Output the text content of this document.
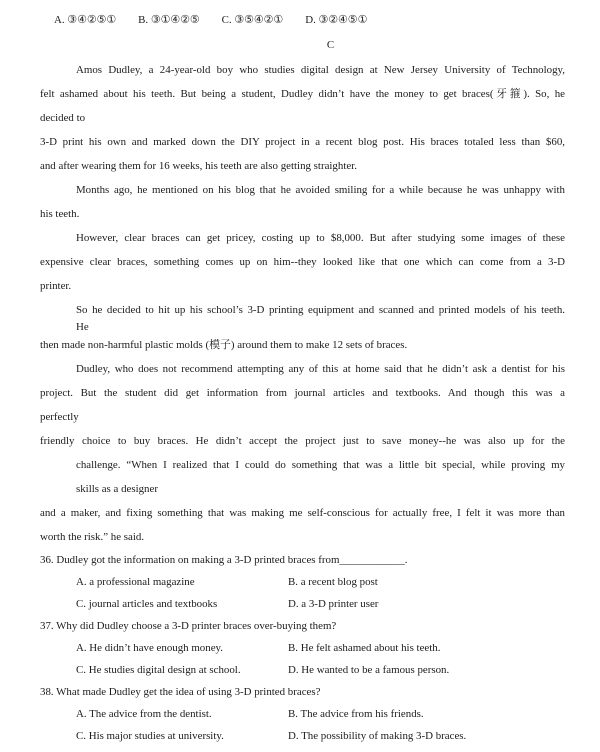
A. ③④②⑤① B. ③①④②⑤ C. ③⑤④②① D. ③②④⑤①
C
Amos Dudley, a 24-year-old boy who studies digital design at New Jersey University of Technology,
felt ashamed about his teeth. But being a student, Dudley didn’t have the money to get braces(牙箍). So, he
decided to
3-D print his own and marked down the DIY project in a recent blog post. His braces totaled less than $60,
and after wearing them for 16 weeks, his teeth are also getting straighter.
Months ago, he mentioned on his blog that he avoided smiling for a while because he was unhappy with
his teeth.
However, clear braces can get pricey, costing up to $8,000. But after studying some images of these
expensive clear braces, something comes up on him--they looked like that one which can come from a 3-D
printer.
So he decided to hit up his school’s 3-D printing equipment and scanned and printed models of his teeth.
He
then made non-harmful plastic molds (模子) around them to make 12 sets of braces.
Dudley, who does not recommend attempting any of this at home said that he didn’t ask a dentist for his
project. But the student did get information from journal articles and textbooks. And though this was a
perfectly
friendly choice to buy braces. He didn’t accept the project just to save money--he was also up for the
challenge. “When I realized that I could do something that was a little bit special, while proving my
skills as a designer
and a maker, and fixing something that was making me self-conscious for actually free, I felt it was more than
worth the risk.” he said.
36. Dudley got the information on making a 3-D printed braces from____________.
A. a professional magazine	B. a recent blog post
C. journal articles and textbooks	D. a 3-D printer user
37. Why did Dudley choose a 3-D printer braces over-buying them?
A. He didn’t have enough money.	B. He felt ashamed about his teeth.
C. He studies digital design at school.	D. He wanted to be a famous person.
38. What made Dudley get the idea of using 3-D printed braces?
A. The advice from the dentist.	B. The advice from his friends.
C. His major studies at university.	D. The possibility of making 3-D braces.
